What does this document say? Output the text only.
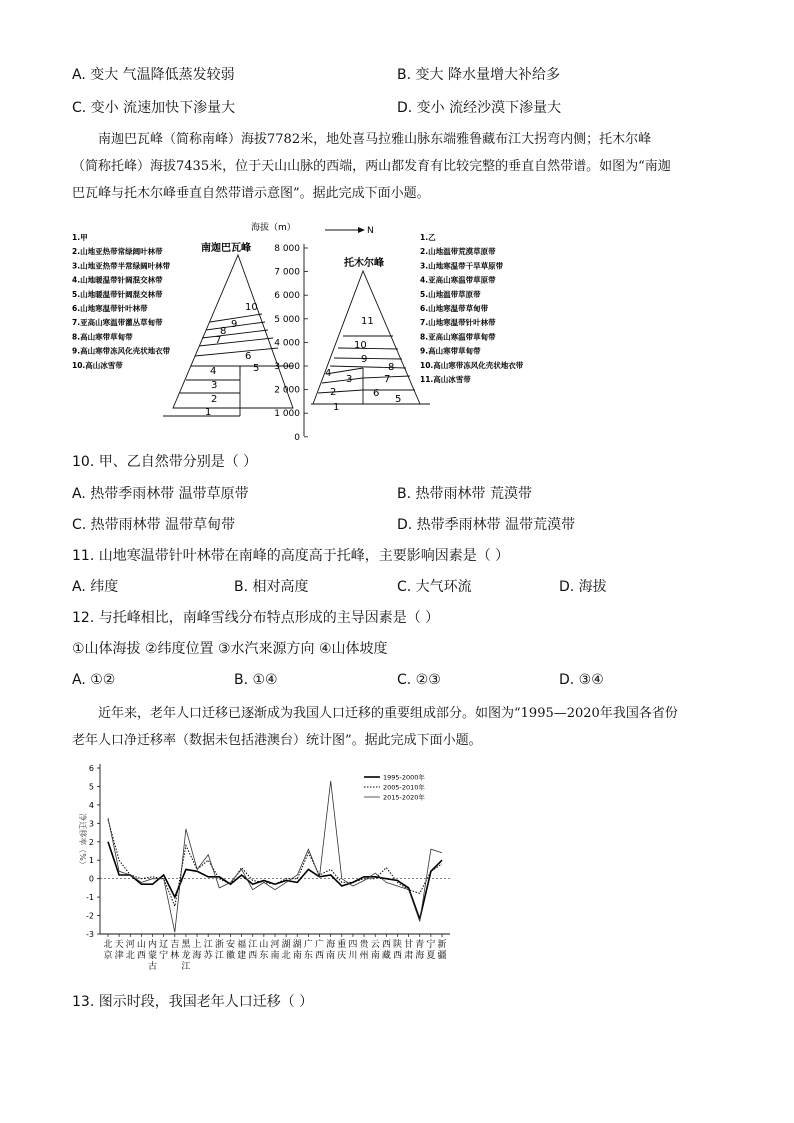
A. 变大 气温降低蒸发较弱	B. 变大 降水量增大补给多
C. 变小 流速加快下渗量大	D. 变小 流经沙漠下渗量大
南迦巴瓦峰（简称南峰）海拔7782米，地处喜马拉雅山脉东端雅鲁藏布江大拐弯内侧；托木尔峰
（简称托峰）海拔7435米，位于天山山脉的西端，两山都发育有比较完整的垂直自然带谱。如图为“南迦
巴瓦峰与托木尔峰垂直自然带谱示意图”。据此完成下面小题。
1.甲
2.山地亚热带常绿阔叶林带
3.山地亚热带半常绿阔叶林带
4.山地暖温带针阔混交林带
5.山地暖温带针阔混交林带
6.山地寒温带针叶林带
7.亚高山寒温带灌丛草甸带
8.高山寒带草甸带
9.高山寒带冻风化壳状地衣带
10.高山冰雪带
1.乙
2.山地温带荒漠草原带
3.山地寒温带干旱草原带
4.亚高山寒温带草原带
5.山地温带草原带
6.山地寒温带草甸带
7.山地寒温带针叶林带
8.亚高山寒温带草甸带
9.高山寒带草甸带
10.高山寒带冻风化壳状地衣带
11.高山冰雪带
1
2
3
4	5
6
7
8
9
10
南迦巴瓦峰
海拔（m）
8 000
7 000
6 000
5 000
4 000
3 000
2 000
1 000
0
N
1
2
3
4
5
6
7
8
9
10
11
托木尔峰
10. 甲、乙自然带分别是（ ）
A. 热带季雨林带 温带草原带	B. 热带雨林带 荒漠带
C. 热带雨林带 温带草甸带	D. 热带季雨林带 温带荒漠带
11. 山地寒温带针叶林带在南峰的高度高于托峰，主要影响因素是（ ）
A. 纬度	B. 相对高度	C. 大气环流	D. 海拔
12. 与托峰相比，南峰雪线分布特点形成的主导因素是（ ）
①山体海拔 ②纬度位置 ③水汽来源方向 ④山体坡度
A. ①②	B. ①④	C. ②③	D. ③④
近年来，老年人口迁移已逐渐成为我国人口迁移的重要组成部分。如图为“1995—2020年我国各省份
老年人口净迁移率（数据未包括港澳台）统计图”。据此完成下面小题。
6
5
4
3
2
1
0
-1
-2
-3
净迁移率（%）
北
京
天
津
河
北
山
西
内
蒙
古
辽
宁
吉
林
黑
龙
江
上
海
江
苏
浙
江
安
徽
福
建
江
西
山
东
河
南
湖
北
湖
南
广
东
广
西
海
南
重
庆
四
川
贵
州
云
南
西
藏
陕
西
甘
肃
青
海
宁
夏
新
疆
1995-2000年
2005-2010年
2015-2020年
13. 图示时段，我国老年人口迁移（ ）
